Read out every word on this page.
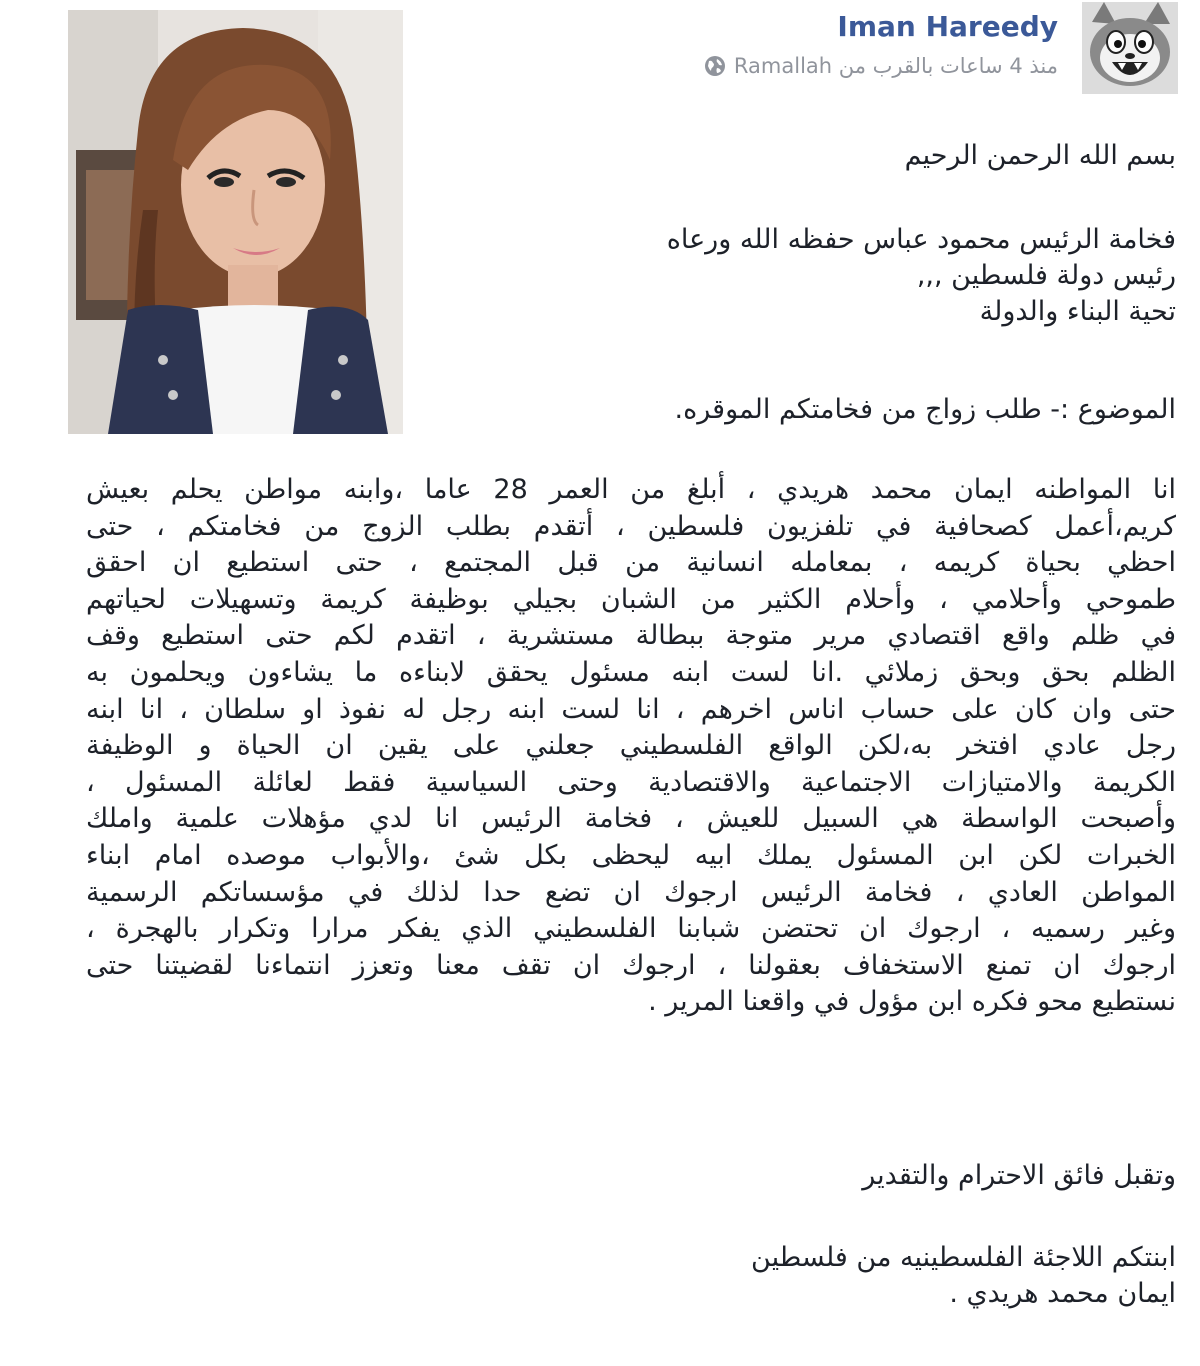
Iman Hareedy
منذ 4 ساعات بالقرب من Ramallah
بسم الله الرحمن الرحيم
فخامة الرئيس محمود عباس حفظه الله ورعاه
رئيس دولة فلسطين ,,,
تحية البناء والدولة
الموضوع :- طلب زواج من فخامتكم الموقره.
انا المواطنه ايمان محمد هريدي ، أبلغ من العمر 28 عاما ،وابنه مواطن يحلم بعيش
كريم،أعمل كصحافية في تلفزيون فلسطين ، أتقدم بطلب الزوج من فخامتكم ، حتى
احظي بحياة كريمه ، بمعامله انسانية من قبل المجتمع ، حتى استطيع ان احقق
طموحي وأحلامي ، وأحلام الكثير من الشبان بجيلي بوظيفة كريمة وتسهيلات لحياتهم
في ظلم واقع اقتصادي مرير متوجة ببطالة مستشرية ، اتقدم لكم حتى استطيع وقف
الظلم بحق وبحق زملائي .انا لست ابنه مسئول يحقق لابناءه ما يشاءون ويحلمون به
حتى وان كان على حساب اناس اخرهم ، انا لست ابنه رجل له نفوذ او سلطان ، انا ابنه
رجل عادي افتخر به،لكن الواقع الفلسطيني جعلني على يقين ان الحياة و الوظيفة
الكريمة والامتيازات الاجتماعية والاقتصادية وحتى السياسية فقط لعائلة المسئول ،
وأصبحت الواسطة هي السبيل للعيش ، فخامة الرئيس انا لدي مؤهلات علمية واملك
الخبرات لكن ابن المسئول يملك ابيه ليحظى بكل شئ ،والأبواب موصده امام ابناء
المواطن العادي ، فخامة الرئيس ارجوك ان تضع حدا لذلك في مؤسساتكم الرسمية
وغير رسميه ، ارجوك ان تحتضن شبابنا الفلسطيني الذي يفكر مرارا وتكرار بالهجرة ،
ارجوك ان تمنع الاستخفاف بعقولنا ، ارجوك ان تقف معنا وتعزز انتماءنا لقضيتنا حتى
نستطيع محو فكره ابن مؤول في واقعنا المرير .
وتقبل فائق الاحترام والتقدير
ابنتكم اللاجئة الفلسطينيه من فلسطين
ايمان محمد هريدي .
